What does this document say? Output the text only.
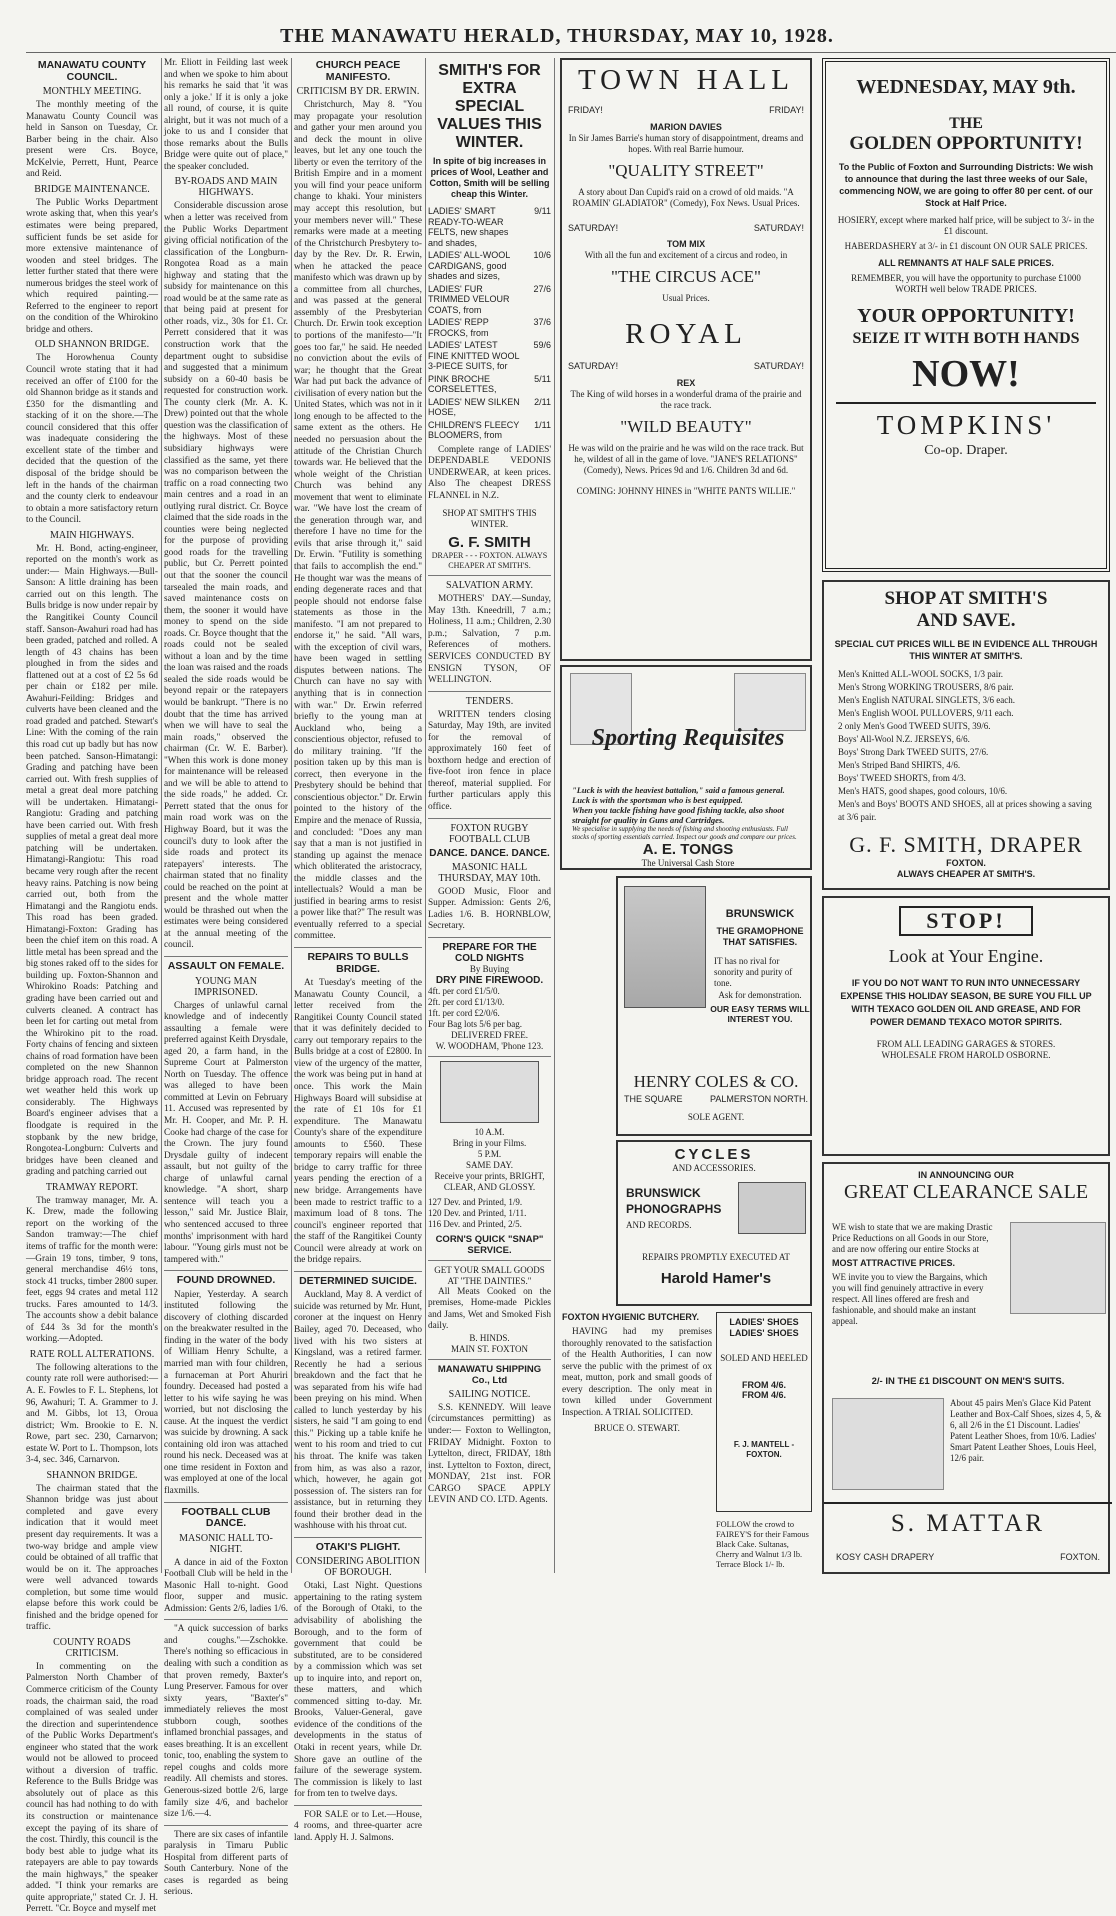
THE MANAWATU HERALD, THURSDAY, MAY 10, 1928.
MANAWATU COUNTY COUNCIL.
MONTHLY MEETING.

The monthly meeting of the Manawatu County Council was held in Sanson on Tuesday, Cr. Barber being in the chair. Also present were Crs. Boyce, McKelvie, Perrett, Hunt, Pearce and Reid.

BRIDGE MAINTENANCE.

The Public Works Department wrote asking that, when this year's estimates were being prepared, sufficient funds be set aside for more extensive maintenance of wooden and steel bridges. The letter further stated that there were numerous bridges the steel work of which required painting.—Referred to the engineer to report on the condition of the Whirokino bridge and others.

OLD SHANNON BRIDGE.

The Horowhenua County Council wrote stating that it had received an offer of £100 for the old Shannon bridge as it stands and £350 for the dismantling and stacking of it on the shore.—The council considered that this offer was inadequate considering the excellent state of the timber and decided that the question of the disposal of the bridge should be left in the hands of the chairman and the county clerk to endeavour to obtain a more satisfactory return to the Council.

MAIN HIGHWAYS.

Mr. H. Bond, acting-engineer, reported on the month's work as under:— Main Highways.—Bull-Sanson: A little draining has been carried out on this length. The Bulls bridge is now under repair by the Rangitikei County Council staff. Sanson-Awahuri road had has been graded, patched and rolled. A length of 43 chains has been ploughed in from the sides and flattened out at a cost of £2 5s 6d per chain or £182 per mile. Awahuri-Feilding: Bridges and culverts have been cleaned and the road graded and patched. Stewart's Line: With the coming of the rain this road cut up badly but has now been patched. Sanson-Himatangi: Grading and patching have been carried out. With fresh supplies of metal a great deal more patching will be undertaken. Himatangi-Rangiotu: Grading and patching have been carried out. With fresh supplies of metal a great deal more patching will be undertaken. Himatangi-Rangiotu: This road became very rough after the recent heavy rains. Patching is now being carried out, both from the Himatangi and the Rangiotu ends. This road has been graded. Himatangi-Foxton: Grading has been the chief item on this road. A little metal has been spread and the big stones raked off to the sides for building up. Foxton-Shannon and Whirokino Roads: Patching and grading have been carried out and culverts cleaned. A contract has been let for carting out metal from the Whirokino pit to the road. Forty chains of fencing and sixteen chains of road formation have been completed on the new Shannon bridge approach road. The recent wet weather held this work up considerably. The Highways Board's engineer advises that a floodgate is required in the stopbank by the new bridge, Rongotea-Longburn: Culverts and bridges have been cleaned and grading and patching carried out

TRAMWAY REPORT.

The tramway manager, Mr. A. K. Drew, made the following report on the working of the Sandon tramway:—The chief items of traffic for the month were:—Grain 19 tons, timber, 9 tons, general merchandise 46½ tons, stock 41 trucks, timber 2800 super. feet, eggs 94 crates and metal 112 trucks. Fares amounted to 14/3. The accounts show a debit balance of £44 3s 3d for the month's working.—Adopted.

RATE ROLL ALTERATIONS.

The following alterations to the county rate roll were authorised:— A. E. Fowles to F. L. Stephens, lot 96, Awahuri; T. A. Grammer to J. and M. Gibbs, lot 13, Oroua district; Wm. Brookie to E. N. Rowe, part sec. 230, Carnarvon; estate W. Port to L. Thompson, lots 3-4, sec. 346, Carnarvon.

SHANNON BRIDGE.

The chairman stated that the Shannon bridge was just about completed and gave every indication that it would meet present day requirements. It was a two-way bridge and ample view could be obtained of all traffic that would be on it. The approaches were well advanced towards completion, but some time would elapse before this work could be finished and the bridge opened for traffic.

COUNTY ROADS CRITICISM.

In commenting on the Palmerston North Chamber of Commerce criticism of the County roads, the chairman said, the road complained of was sealed under the direction and superintendence of the Public Works Department's engineer who stated that the work would not be allowed to proceed without a diversion of traffic. Reference to the Bulls Bridge was absolutely out of place as this council has had nothing to do with its construction or maintenance except the paying of its share of the cost. Thirdly, this council is the body best able to judge what its ratepayers are able to pay towards the main highways," the speaker added. "I think your remarks are quite appropriate," stated Cr. J. H. Perrett. "Cr. Boyce and myself met

Mr. Eliott in Feilding last week and when we spoke to him about his remarks he said that 'it was only a joke.' If it is only a joke all round, of course, it is quite alright, but it was not much of a joke to us and I consider that those remarks about the Bulls Bridge were quite out of place," the speaker concluded.

BY-ROADS AND MAIN HIGHWAYS.

Considerable discussion arose when a letter was received from the Public Works Department giving official notification of the classification of the Longburn-Rongotea Road as a main highway and stating that the subsidy for maintenance on this road would be at the same rate as that being paid at present for other roads, viz., 30s for £1. Cr. Perrett considered that it was construction work that the department ought to subsidise and suggested that a minimum subsidy on a 60-40 basis be requested for construction work. The county clerk (Mr. A. K. Drew) pointed out that the whole question was the classification of the highways. Most of these subsidiary highways were classified as the same, yet there was no comparison between the traffic on a road connecting two main centres and a road in an outlying rural district. Cr. Boyce claimed that the side roads in the counties were being neglected for the purpose of providing good roads for the travelling public, but Cr. Perrett pointed out that the sooner the council tarsealed the main roads, and saved maintenance costs on them, the sooner it would have money to spend on the side roads. Cr. Boyce thought that the roads could not be sealed without a loan and by the time the loan was raised and the roads sealed the side roads would be beyond repair or the ratepayers would be bankrupt. "There is no doubt that the time has arrived when we will have to seal the main roads," observed the chairman (Cr. W. E. Barber). "When this work is done money for maintenance will be released and we will be able to attend to the side roads," he added. Cr. Perrett stated that the onus for main road work was on the Highway Board, but it was the council's duty to look after the side roads and protect its ratepayers' interests. The chairman stated that no finality could be reached on the point at present and the whole matter would be thrashed out when the estimates were being considered at the annual meeting of the council.

ASSAULT ON FEMALE.
YOUNG MAN IMPRISONED.

Charges of unlawful carnal knowledge and of indecently assaulting a female were preferred against Keith Drysdale, aged 20, a farm hand, in the Supreme Court at Palmerston North on Tuesday. The offence was alleged to have been committed at Levin on February 11. Accused was represented by Mr. H. Cooper, and Mr. P. H. Cooke had charge of the case for the Crown. The jury found Drysdale guilty of indecent assault, but not guilty of the charge of unlawful carnal knowledge. "A short, sharp sentence will teach you a lesson," said Mr. Justice Blair, who sentenced accused to three months' imprisonment with hard labour. "Young girls must not be tampered with."

FOUND DROWNED.

Napier, Yesterday. A search instituted following the discovery of clothing discarded on the breakwater resulted in the finding in the water of the body of William Henry Schulte, a married man with four children, a furnaceman at Port Ahuriri foundry. Deceased had posted a letter to his wife saying he was worried, but not disclosing the cause. At the inquest the verdict was suicide by drowning. A sack containing old iron was attached round his neck. Deceased was at one time resident in Foxton and was employed at one of the local flaxmills.

FOOTBALL CLUB DANCE.
MASONIC HALL TO-NIGHT.

A dance in aid of the Foxton Football Club will be held in the Masonic Hall to-night. Good floor, supper and music. Admission: Gents 2/6, ladies 1/6.

"A quick succession of barks and coughs."—Zschokke. There's nothing so efficacious in dealing with such a condition as that proven remedy, Baxter's Lung Preserver. Famous for over sixty years, "Baxter's" immediately relieves the most stubborn cough, soothes inflamed bronchial passages, and eases breathing. It is an excellent tonic, too, enabling the system to repel coughs and colds more readily. All chemists and stores. Generous-sized bottle 2/6, large family size 4/6, and bachelor size 1/6.—4.

There are six cases of infantile paralysis in Timaru Public Hospital from different parts of South Canterbury. None of the cases is regarded as being serious.

CHURCH PEACE MANIFESTO.
CRITICISM BY DR. ERWIN.

Christchurch, May 8. "You may propagate your resolution and gather your men around you and deck the mount in olive leaves, but let any one touch the liberty or even the territory of the British Empire and in a moment you will find your peace uniform change to khaki. Your ministers may accept this resolution, but your members never will." These remarks were made at a meeting of the Christchurch Presbytery to-day by the Rev. Dr. R. Erwin, when he attacked the peace manifesto which was drawn up by a committee from all churches, and was passed at the general assembly of the Presbyterian Church. Dr. Erwin took exception to portions of the manifesto—"It goes too far," he said. He needed no conviction about the evils of war; he thought that the Great War had put back the advance of civilisation of every nation but the United States, which was not in it long enough to be affected to the same extent as the others. He needed no persuasion about the attitude of the Christian Church towards war. He believed that the whole weight of the Christian Church was behind any movement that went to eliminate war. "We have lost the cream of the generation through war, and therefore I have no time for the evils that arise through it," said Dr. Erwin. "Futility is something that fails to accomplish the end." He thought war was the means of ending degenerate races and that people should not endorse false statements as those in the manifesto. "I am not prepared to endorse it," he said. "All wars, with the exception of civil wars, have been waged in settling disputes between nations. The Church can have no say with anything that is in connection with war." Dr. Erwin referred briefly to the young man at Auckland who, being a conscientious objector, refused to do military training. "If the position taken up by this man is correct, then everyone in the Presbytery should be behind that conscientious objector." Dr. Erwin pointed to the history of the Empire and the menace of Russia, and concluded: "Does any man say that a man is not justified in standing up against the menace which obliterated the aristocracy, the middle classes and the intellectuals? Would a man be justified in bearing arms to resist a power like that?" The result was eventually referred to a special committee.

REPAIRS TO BULLS BRIDGE.

At Tuesday's meeting of the Manawatu County Council, a letter received from the Rangitikei County Council stated that it was definitely decided to carry out temporary repairs to the Bulls bridge at a cost of £2800. In view of the urgency of the matter, the work was being put in hand at once. This work the Main Highways Board will subsidise at the rate of £1 10s for £1 expenditure. The Manawatu County's share of the expenditure amounts to £560. These temporary repairs will enable the bridge to carry traffic for three years pending the erection of a new bridge. Arrangements have been made to restrict traffic to a maximum load of 8 tons. The council's engineer reported that the staff of the Rangitikei County Council were already at work on the bridge repairs.

DETERMINED SUICIDE.

Auckland, May 8. A verdict of suicide was returned by Mr. Hunt, coroner at the inquest on Henry Bailey, aged 70. Deceased, who lived with his two sisters at Kingsland, was a retired farmer. Recently he had a serious breakdown and the fact that he was separated from his wife had been preying on his mind. When called to lunch yesterday by his sisters, he said "I am going to end this." Picking up a table knife he went to his room and tried to cut his throat. The knife was taken from him, as was also a razor, which, however, he again got possession of. The sisters ran for assistance, but in returning they found their brother dead in the washhouse with his throat cut.

OTAKI'S PLIGHT.
CONSIDERING ABOLITION OF BOROUGH.

Otaki, Last Night. Questions appertaining to the rating system of the Borough of Otaki, to the advisability of abolishing the Borough, and to the form of government that could be substituted, are to be considered by a commission which was set up to inquire into, and report on, these matters, and which commenced sitting to-day. Mr. Brooks, Valuer-General, gave evidence of the conditions of the developments in the status of Otaki in recent years, while Dr. Shore gave an outline of the failure of the sewerage system. The commission is likely to last for from ten to twelve days.

FOR SALE or to Let.—House, 4 rooms, and three-quarter acre land. Apply H. J. Salmons.

SMITH'S FOR EXTRA SPECIAL VALUES THIS WINTER.
In spite of big increases in prices of Wool, Leather and Cotton, Smith will be selling cheap this Winter.
LADIES' SMART READY-TO-WEAR FELTS, new shapes and shades,
9/11
LADIES' ALL-WOOL CARDIGANS, good shades and sizes,
10/6
LADIES' FUR TRIMMED VELOUR COATS, from
27/6
LADIES' REPP FROCKS, from
37/6
LADIES' LATEST FINE KNITTED WOOL 3-PIECE SUITS, for
59/6
PINK BROCHE CORSELETTES,
5/11
LADIES' NEW SILKEN HOSE,
2/11
CHILDREN'S FLEECY BLOOMERS, from
1/11

Complete range of LADIES' DEPENDABLE VEDONIS UNDERWEAR, at keen prices. Also The cheapest DRESS FLANNEL in N.Z.

SHOP AT SMITH'S THIS WINTER.
G. F. SMITH
DRAPER - - - FOXTON. ALWAYS CHEAPER AT SMITH'S.
SALVATION ARMY.

MOTHERS' DAY.—Sunday, May 13th. Kneedrill, 7 a.m.; Holiness, 11 a.m.; Children, 2.30 p.m.; Salvation, 7 p.m. References of mothers. SERVICES CONDUCTED BY ENSIGN TYSON, OF WELLINGTON.

TENDERS.

WRITTEN tenders closing Saturday, May 19th, are invited for the removal of approximately 160 feet of boxthorn hedge and erection of five-foot iron fence in place thereof, material supplied. For further particulars apply this office.

FOXTON RUGBY FOOTBALL CLUB
DANCE. DANCE. DANCE.
MASONIC HALL THURSDAY, MAY 10th.

GOOD Music, Floor and Supper. Admission: Gents 2/6, Ladies 1/6. B. HORNBLOW, Secretary.

PREPARE FOR THE COLD NIGHTS
By Buying
DRY PINE FIREWOOD.
4ft. per cord £1/5/0.
2ft. per cord £1/13/0.
1ft. per cord £2/0/6.
Four Bag lots 5/6 per bag.
DELIVERED FREE.
W. WOODHAM, 'Phone 123.
10 A.M.
Bring in your Films.
5 P.M.
SAME DAY.
Receive your prints, BRIGHT, CLEAR, AND GLOSSY.
127 Dev. and Printed, 1/9.
120 Dev. and Printed, 1/11.
116 Dev. and Printed, 2/5.
CORN'S QUICK "SNAP" SERVICE.
GET YOUR SMALL GOODS AT "THE DAINTIES."

All Meats Cooked on the premises, Home-made Pickles and Jams, Wet and Smoked Fish daily.

B. HINDS.
MAIN ST. FOXTON
MANAWATU SHIPPING Co., Ltd
SAILING NOTICE.

S.S. KENNEDY. Will leave (circumstances permitting) as under:— Foxton to Wellington, FRIDAY Midnight. Foxton to Lyttelton, direct, FRIDAY, 18th inst. Lyttelton to Foxton, direct, MONDAY, 21st inst. FOR CARGO SPACE APPLY LEVIN AND CO. LTD. Agents.

TOWN HALL
FRIDAY!	FRIDAY!
MARION DAVIES
In Sir James Barrie's human story of disappointment, dreams and hopes. With real Barrie humour.
"QUALITY STREET"
A story about Dan Cupid's raid on a crowd of old maids. "A ROAMIN' GLADIATOR" (Comedy), Fox News. Usual Prices.
SATURDAY!	SATURDAY!
TOM MIX
With all the fun and excitement of a circus and rodeo, in
"THE CIRCUS ACE"
Usual Prices.
ROYAL
SATURDAY!	SATURDAY!
REX
The King of wild horses in a wonderful drama of the prairie and the race track.
"WILD BEAUTY"
He was wild on the prairie and he was wild on the race track. But he, wildest of all in the game of love. "JANE'S RELATIONS" (Comedy), News. Prices 9d and 1/6. Children 3d and 6d.
COMING: JOHNNY HINES in "WHITE PANTS WILLIE."
Sporting Requisites
"Luck is with the heaviest battalion," said a famous general. Luck is with the sportsman who is best equipped.
When you tackle fishing have good fishing tackle, also shoot straight for quality in Guns and Cartridges.
We specialise in supplying the needs of fishing and shooting enthusiasts. Full stocks of sporting essentials carried. Inspect our goods and compare our prices.
A. E. TONGS
The Universal Cash Store
BRUNSWICK
THE GRAMOPHONE THAT SATISFIES.
IT has no rival for sonority and purity of tone.
Ask for demonstration.
OUR EASY TERMS WILL INTEREST YOU.
HENRY COLES & CO.
THE SQUARE	PALMERSTON NORTH.
SOLE AGENT.
CYCLES
AND ACCESSORIES.
BRUNSWICK
PHONOGRAPHS
AND RECORDS.
REPAIRS PROMPTLY EXECUTED AT
Harold Hamer's
FOXTON HYGIENIC BUTCHERY.

HAVING had my premises thoroughly renovated to the satisfaction of the Health Authorities, I can now serve the public with the primest of ox meat, mutton, pork and small goods of every description. The only meat in town killed under Government Inspection. A TRIAL SOLICITED.

BRUCE O. STEWART.
LADIES' SHOES
LADIES' SHOES
SOLED AND HEELED
FROM 4/6.
FROM 4/6.
F. J. MANTELL - FOXTON.
FOLLOW the crowd to FAIREY'S for their Famous Black Cake. Sultanas, Cherry and Walnut 1/3 lb. Terrace Block 1/- lb.
WEDNESDAY, MAY 9th.
THE
GOLDEN OPPORTUNITY!
To the Public of Foxton and Surrounding Districts: We wish to announce that during the last three weeks of our Sale, commencing NOW, we are going to offer 80 per cent. of our Stock at Half Price.
HOSIERY, except where marked half price, will be subject to 3/- in the £1 discount.
HABERDASHERY at 3/- in £1 discount ON OUR SALE PRICES.
ALL REMNANTS AT HALF SALE PRICES.
REMEMBER, you will have the opportunity to purchase £1000 WORTH well below TRADE PRICES.
YOUR OPPORTUNITY!
SEIZE IT WITH BOTH HANDS
NOW!
TOMPKINS'
Co-op. Draper.
SHOP AT SMITH'S
AND SAVE.
SPECIAL CUT PRICES WILL BE IN EVIDENCE ALL THROUGH THIS WINTER AT SMITH'S.
Men's Knitted ALL-WOOL SOCKS, 1/3 pair.
Men's Strong WORKING TROUSERS, 8/6 pair.
Men's English NATURAL SINGLETS, 3/6 each.
Men's English WOOL PULLOVERS, 9/11 each.
2 only Men's Good TWEED SUITS, 39/6.
Boys' All-Wool N.Z. JERSEYS, 6/6.
Boys' Strong Dark TWEED SUITS, 27/6.
Men's Striped Band SHIRTS, 4/6.
Boys' TWEED SHORTS, from 4/3.
Men's HATS, good shapes, good colours, 10/6.
Men's and Boys' BOOTS AND SHOES, all at prices showing a saving at 3/6 pair.
G. F. SMITH, DRAPER
FOXTON.
ALWAYS CHEAPER AT SMITH'S.
STOP!
Look at Your Engine.
IF YOU DO NOT WANT TO RUN INTO UNNECESSARY EXPENSE THIS HOLIDAY SEASON, BE SURE YOU FILL UP WITH TEXACO GOLDEN OIL AND GREASE, AND FOR POWER DEMAND TEXACO MOTOR SPIRITS.
FROM ALL LEADING GARAGES & STORES.
WHOLESALE FROM HAROLD OSBORNE.
IN ANNOUNCING OUR
GREAT CLEARANCE SALE
WE wish to state that we are making Drastic Price Reductions on all Goods in our Store, and are now offering our entire Stocks at
MOST ATTRACTIVE PRICES.
WE invite you to view the Bargains, which you will find genuinely attractive in every respect. All lines offered are fresh and fashionable, and should make an instant appeal.
2/- IN THE £1 DISCOUNT ON MEN'S SUITS.
About 45 pairs Men's Glace Kid Patent Leather and Box-Calf Shoes, sizes 4, 5, & 6, all 2/6 in the £1 Discount. Ladies' Patent Leather Shoes, from 10/6. Ladies' Smart Patent Leather Shoes, Louis Heel, 12/6 pair.
S. MATTAR
KOSY CASH DRAPERY	FOXTON.
